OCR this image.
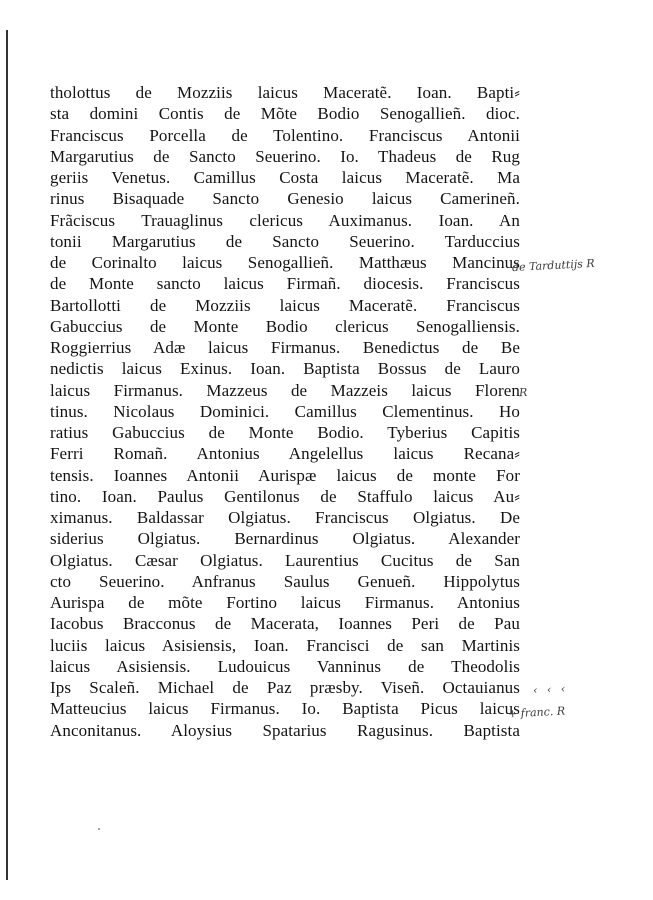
tholottus de Mozziis laicus Maceratẽ. Ioan. Bapti⸗
sta domini Contis de Mõte Bodio Senogallieñ. dioc.
Franciscus Porcella de Tolentino. Franciscus Antonii
Margarutius de Sancto Seuerino. Io. Thadeus de Rug
geriis Venetus. Camillus Costa laicus Maceratẽ. Ma
rinus Bisaquade Sancto Genesio laicus Camerineñ.
Frãciscus Trauaglinus clericus Auximanus. Ioan. An
tonii Margarutius de Sancto Seuerino. Tarduccius
de Corinalto laicus Senogallieñ. Matthæus Mancinus
de Monte sancto laicus Firmañ. diocesis. Franciscus
Bartollotti de Mozziis laicus Maceratẽ. Franciscus
Gabuccius de Monte Bodio clericus Senogalliensis.
Roggierrius Adæ laicus Firmanus. Benedictus de Be
nedictis laicus Exinus. Ioan. Baptista Bossus de Lauro
laicus Firmanus. Mazzeus de Mazzeis laicus Floren
tinus. Nicolaus Dominici. Camillus Clementinus. Ho
ratius Gabuccius de Monte Bodio. Tyberius Capitis
Ferri Romañ. Antonius Angelellus laicus Recana⸗
tensis. Ioannes Antonii Aurispæ laicus de monte For
tino. Ioan. Paulus Gentilonus de Staffulo laicus Au⸗
ximanus. Baldassar Olgiatus. Franciscus Olgiatus. De
siderius Olgiatus. Bernardinus Olgiatus. Alexander
Olgiatus. Cæsar Olgiatus. Laurentius Cucitus de San
cto Seuerino. Anfranus Saulus Genueñ. Hippolytus
Aurispa de mõte Fortino laicus Firmanus. Antonius
Iacobus Bracconus de Macerata, Ioannes Peri de Pau
luciis laicus Asisiensis, Ioan. Francisci de san Martinis
laicus Asisiensis. Ludouicus Vanninus de Theodolis
Ips Scaleñ. Michael de Paz præsby. Viseñ. Octauianus
Matteucius laicus Firmanus. Io. Baptista Picus laicus
Anconitanus. Aloysius Spatarius Ragusinus. Baptista
de Tarduttijs R
R
‹ ‹ ‹
+ franc. R
